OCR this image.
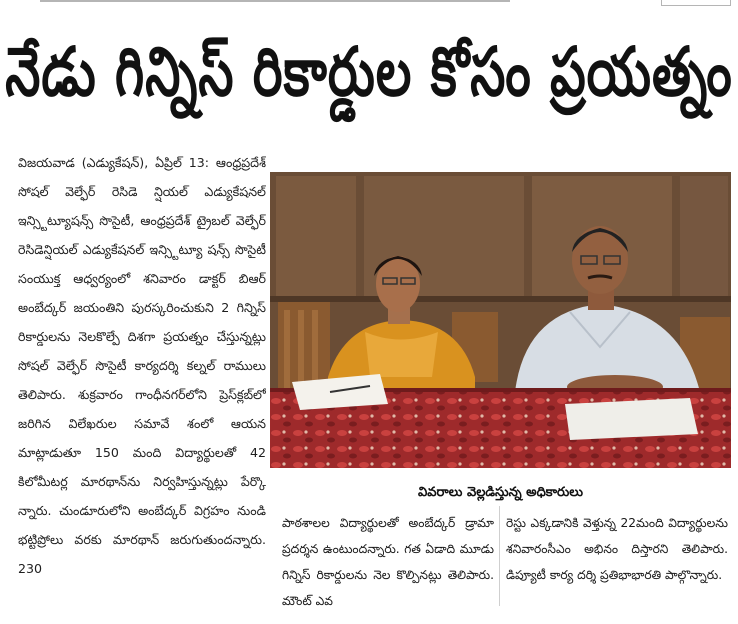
నేడు గిన్నిస్ రికార్డుల కోసం ప్రయత్నం
విజయవాడ (ఎడ్యుకేషన్), ఏప్రిల్ 13: ఆంధ్రప్రదేశ్ సోషల్ వెల్ఫేర్ రెసిడె న్షియల్ ఎడ్యుకేషనల్ ఇన్స్టిట్యూషన్స్ సొసైటీ, ఆంధ్రప్రదేశ్ ట్రైబల్ వెల్ఫేర్ రెసిడెన్షియల్ ఎడ్యుకేషనల్ ఇన్స్టిట్యూ షన్స్ సొసైటీ సంయుక్త ఆధ్వర్యంలో శనివారం డాక్టర్ బిఆర్ అంబేద్కర్ జయంతిని పురస్కరించుకుని 2 గిన్నిస్ రికార్డులను నెలకొల్పే దిశగా ప్రయత్నం చేస్తున్నట్లు సోషల్ వెల్ఫేర్ సొసైటీ కార్యదర్శి కల్నల్ రాములు తెలిపారు. శుక్రవారం గాంధీనగర్‌లోని ప్రెస్‌క్లబ్‌లో జరిగిన విలేఖరుల సమావే శంలో ఆయన మాట్లాడుతూ 150 మంది విద్యార్థులతో 42 కిలోమీటర్ల మారథాన్‌ను నిర్వహిస్తున్నట్లు పేర్కొ న్నారు. చుండూరులోని అంబేద్కర్ విగ్రహం నుండి భట్టిప్రోలు వరకు మారథాన్ జరుగుతుందన్నారు. 230
వివరాలు వెల్లడిస్తున్న అధికారులు
పాఠశాలల విద్యార్థులతో అంబేద్కర్ డ్రామా ప్రదర్శన ఉంటుందన్నారు. గత ఏడాది మూడు గిన్నిస్ రికార్డులను నెల కొల్పినట్లు తెలిపారు. మౌంట్ ఎవ
రెస్టు ఎక్కడానికి వెళ్తున్న 22మంది విద్యార్థులను శనివారంసీఎం అభినం దిస్తారని తెలిపారు. డిప్యూటీ కార్య దర్శి ప్రతిభాభారతి పాల్గొన్నారు.
